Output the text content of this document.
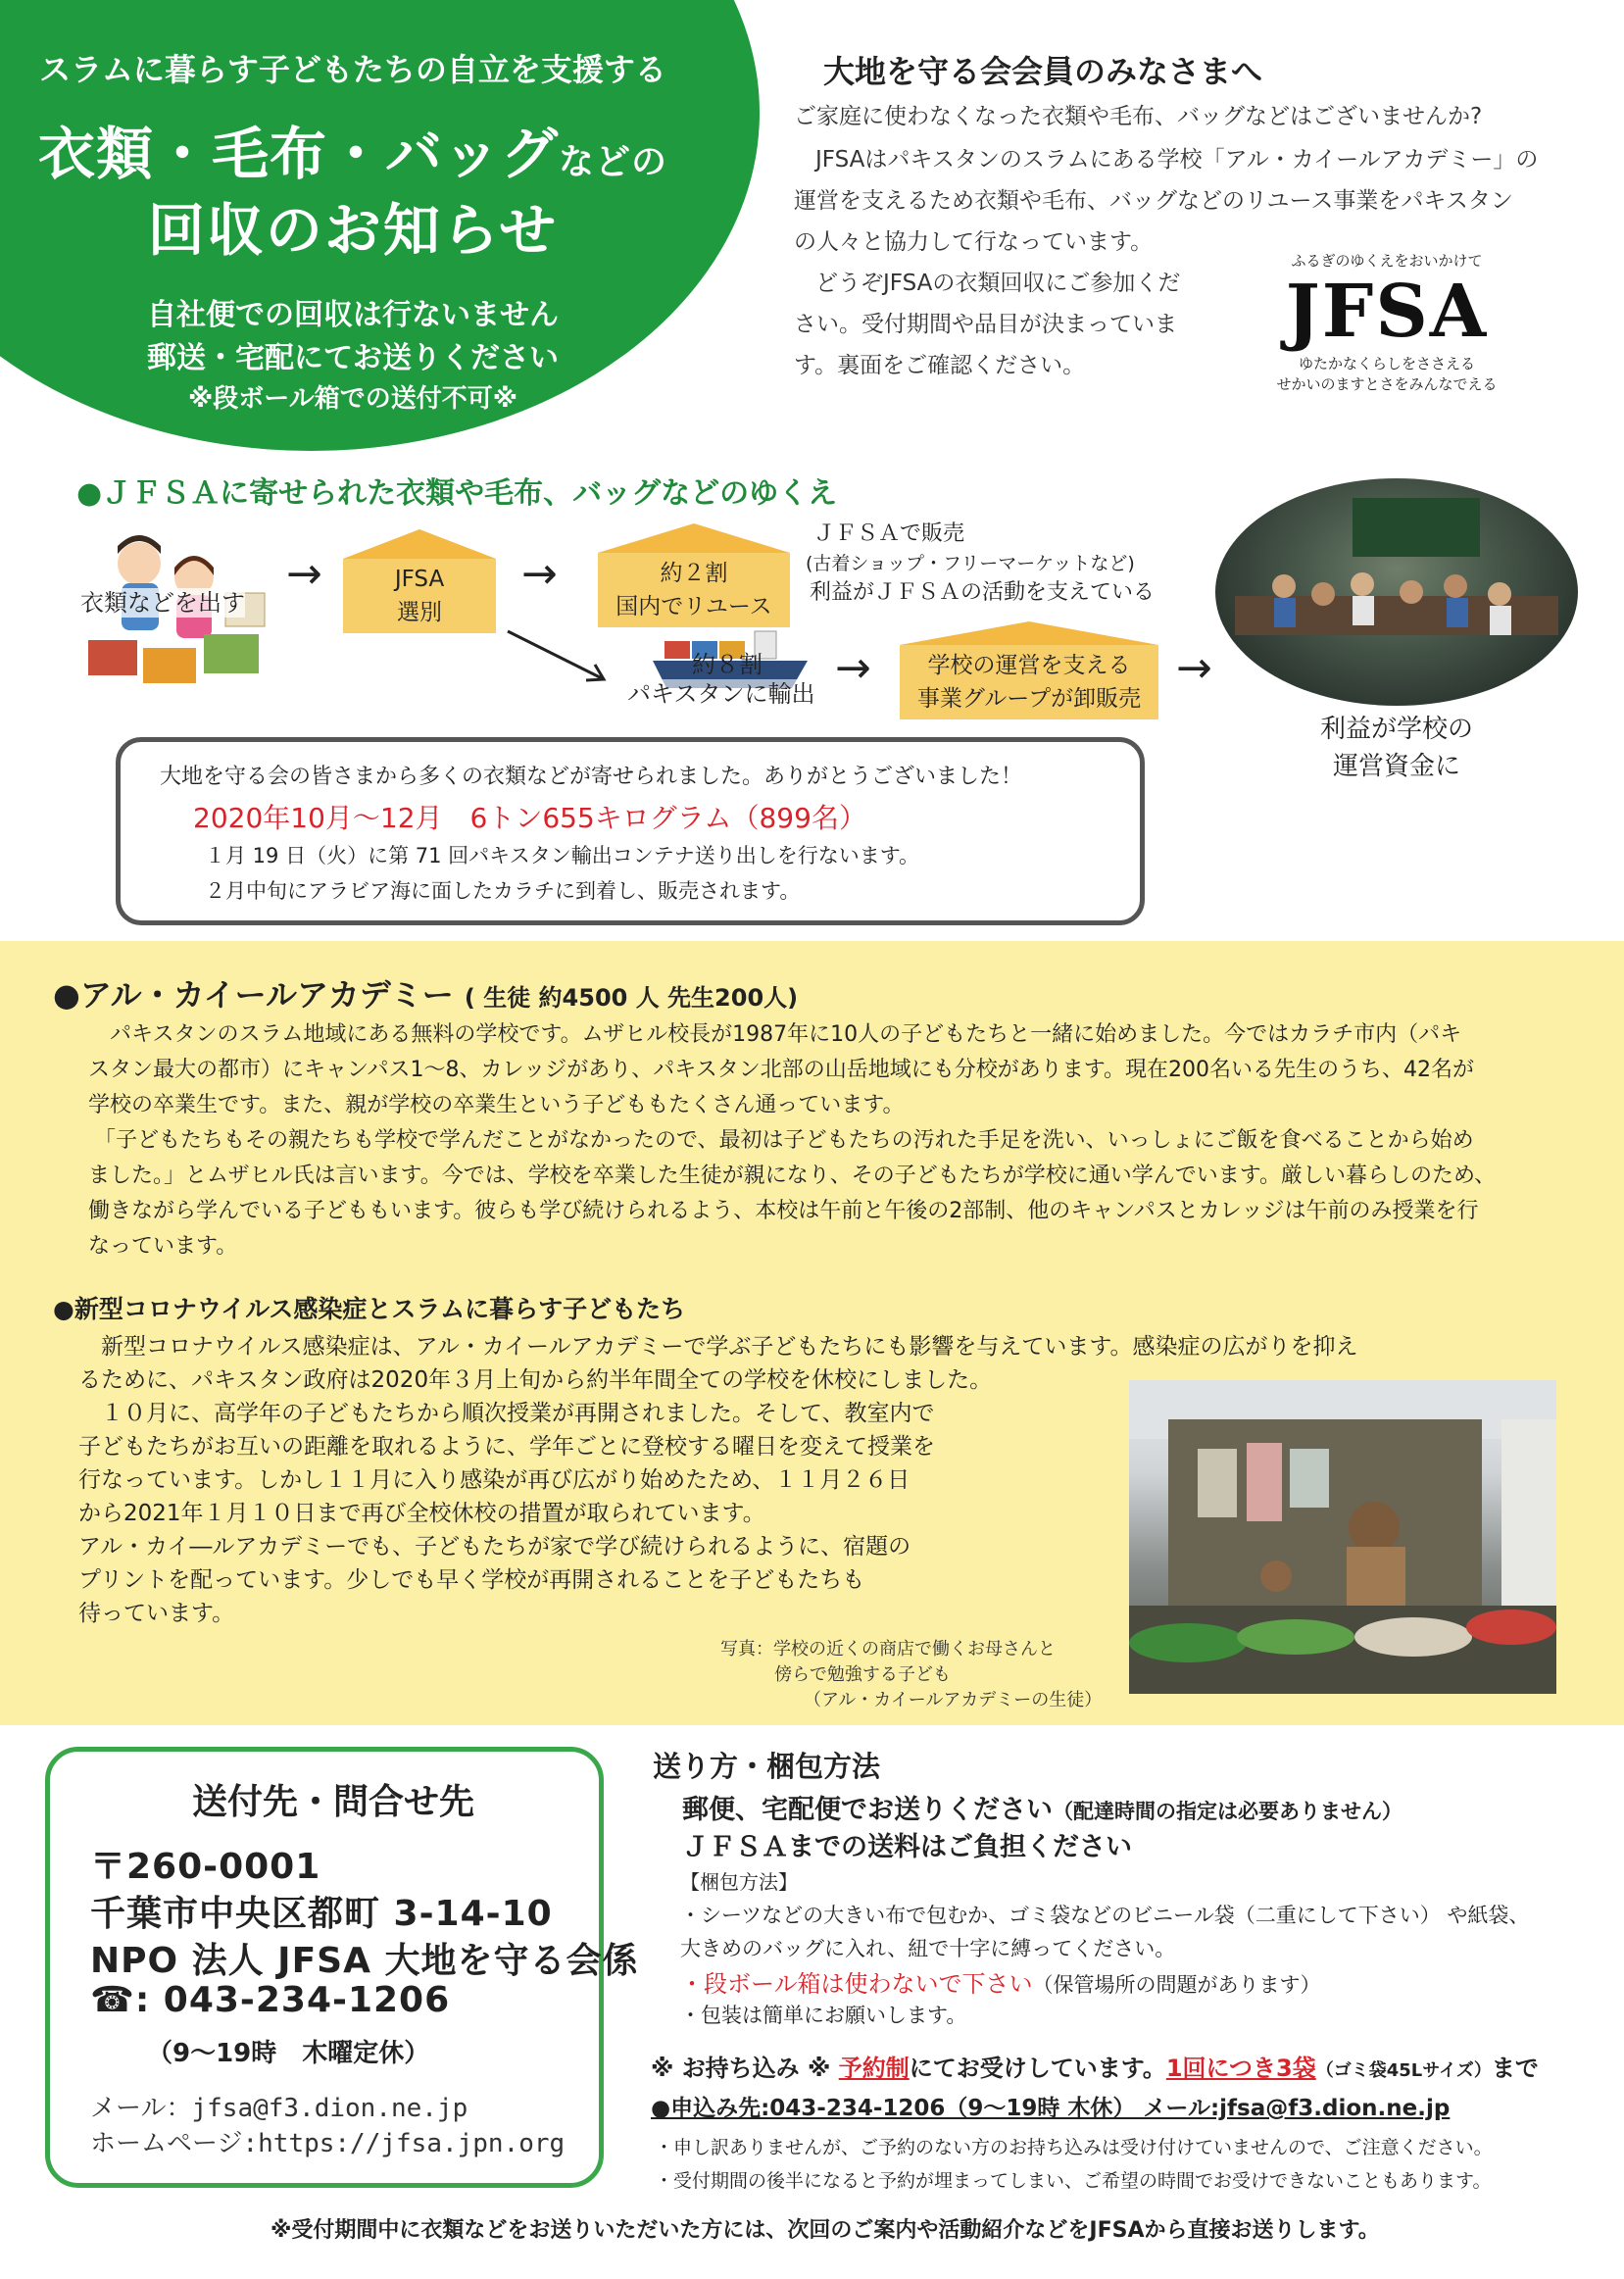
スラムに暮らす子どもたちの自立を支援する
衣類・毛布・バッグなどの
回収のお知らせ
自社便での回収は行ないません
郵送・宅配にてお送りください
※段ボール箱での送付不可※
大地を守る会会員のみなさまへ
ご家庭に使わなくなった衣類や毛布、バッグなどはございませんか?
JFSAはパキスタンのスラムにある学校「アル・カイールアカデミー」の
運営を支えるため衣類や毛布、バッグなどのリユース事業をパキスタン
の人々と協力して行なっています。
どうぞJFSAの衣類回収にご参加くだ
さい。受付期間や品目が決まっていま
す。裏面をご確認ください。
ふるぎのゆくえをおいかけて
JFSA
ゆたかなくらしをささえる
せかいのますとさをみんなでえる
●ＪＦＳＡに寄せられた衣類や毛布、バッグなどのゆくえ
衣類などを出す
→	JFSA
選別
→	約２割
国内でリユース
ＪＦＳＡで販売
(古着ショップ・フリーマーケットなど)
利益がＪＦＳＡの活動を支えている
約８割
パキスタンに輸出
→	学校の運営を支える
事業グループが卸販売
→
利益が学校の
運営資金に
大地を守る会の皆さまから多くの衣類などが寄せられました。ありがとうございました！
2020年10月〜12月　6トン655キログラム（899名）
１月 19 日（火）に第 71 回パキスタン輸出コンテナ送り出しを行ないます。
２月中旬にアラビア海に面したカラチに到着し、販売されます。
●アル・カイールアカデミー ( 生徒 約4500 人 先生200人)
　パキスタンのスラム地域にある無料の学校です。ムザヒル校長が1987年に10人の子どもたちと一緒に始めました。今ではカラチ市内（パキ
スタン最大の都市）にキャンパス1〜8、カレッジがあり、パキスタン北部の山岳地域にも分校があります。現在200名いる先生のうち、42名が
学校の卒業生です。また、親が学校の卒業生という子どももたくさん通っています。
「子どもたちもその親たちも学校で学んだことがなかったので、最初は子どもたちの汚れた手足を洗い、いっしょにご飯を食べることから始め
ました。」とムザヒル氏は言います。今では、学校を卒業した生徒が親になり、その子どもたちが学校に通い学んでいます。厳しい暮らしのため、
働きながら学んでいる子どももいます。彼らも学び続けられるよう、本校は午前と午後の2部制、他のキャンパスとカレッジは午前のみ授業を行
なっています。
●新型コロナウイルス感染症とスラムに暮らす子どもたち
　新型コロナウイルス感染症は、アル・カイールアカデミーで学ぶ子どもたちにも影響を与えています。感染症の広がりを抑え
るために、パキスタン政府は2020年３月上旬から約半年間全ての学校を休校にしました。
　１０月に、高学年の子どもたちから順次授業が再開されました。そして、教室内で
子どもたちがお互いの距離を取れるように、学年ごとに登校する曜日を変えて授業を
行なっています。しかし１１月に入り感染が再び広がり始めたため、１１月２６日
から2021年１月１０日まで再び全校休校の措置が取られています。
アル・カイ―ルアカデミーでも、子どもたちが家で学び続けられるように、宿題の
プリントを配っています。少しでも早く学校が再開されることを子どもたちも
待っています。
写真：学校の近くの商店で働くお母さんと
傍らで勉強する子ども
（アル・カイールアカデミーの生徒）
送付先・問合せ先
〒260-0001
千葉市中央区都町 3-14-10
NPO 法人 JFSA 大地を守る会係
☎: 043-234-1206
（9〜19時　木曜定休）
メール：jfsa@f3.dion.ne.jp
ホームページ:https://jfsa.jpn.org
送り方・梱包方法
郵便、宅配便でお送りください（配達時間の指定は必要ありません）
ＪＦＳＡまでの送料はご負担ください
【梱包方法】
・シーツなどの大きい布で包むか、ゴミ袋などのビニール袋（二重にして下さい） や紙袋、
大きめのバッグに入れ、紐で十字に縛ってください。
・段ボール箱は使わないで下さい（保管場所の問題があります）
・包装は簡単にお願いします。
※ お持ち込み ※ 予約制にてお受けしています。1回につき3袋（ゴミ袋45Lサイズ）まで
●申込み先:043-234-1206（9〜19時 木休） メール:jfsa@f3.dion.ne.jp
・申し訳ありませんが、ご予約のない方のお持ち込みは受け付けていませんので、ご注意ください。
・受付期間の後半になると予約が埋まってしまい、ご希望の時間でお受けできないこともあります。
※受付期間中に衣類などをお送りいただいた方には、次回のご案内や活動紹介などをJFSAから直接お送りします。
